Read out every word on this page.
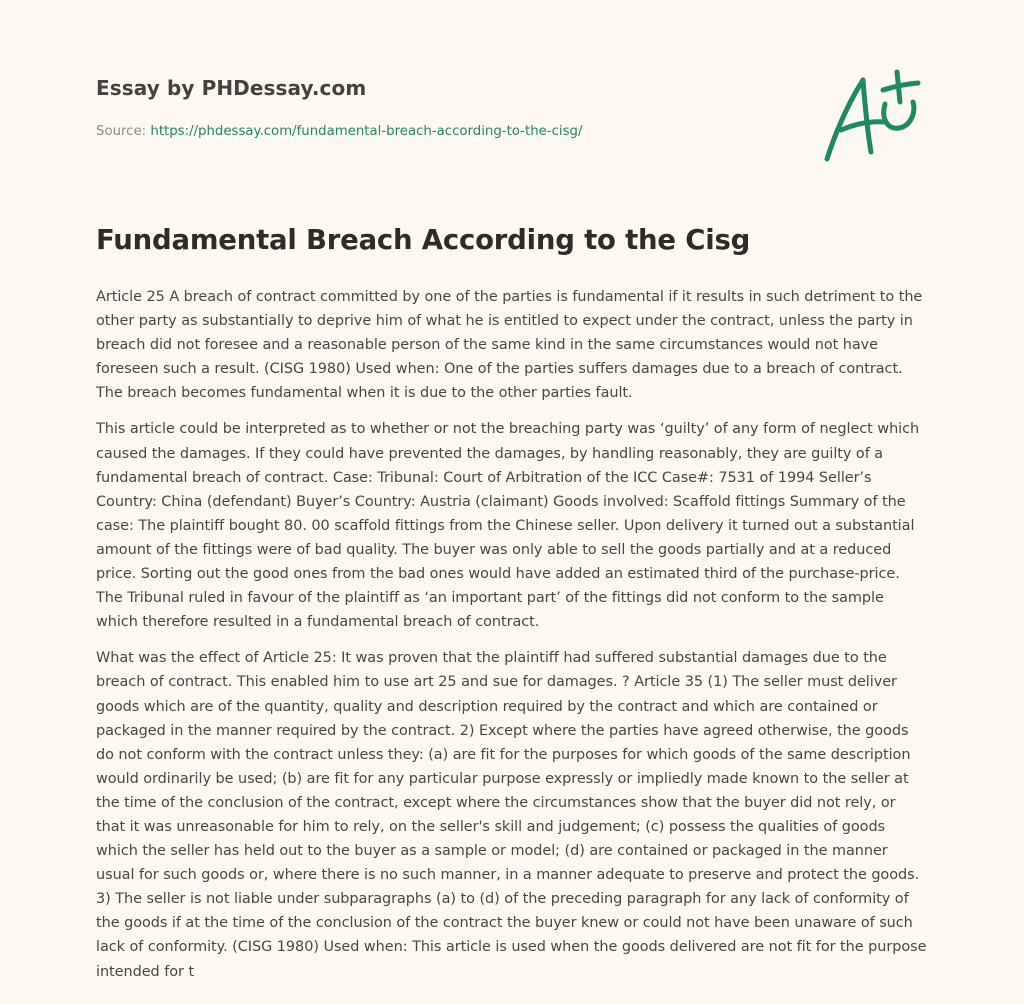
Essay by PHDessay.com
Source: https://phdessay.com/fundamental-breach-according-to-the-cisg/
Fundamental Breach According to the Cisg

Article 25 A breach of contract committed by one of the parties is fundamental if it results in such detriment to the other party as substantially to deprive him of what he is entitled to expect under the contract, unless the party in breach did not foresee and a reasonable person of the same kind in the same circumstances would not have foreseen such a result. (CISG 1980) Used when: One of the parties suffers damages due to a breach of contract. The breach becomes fundamental when it is due to the other parties fault.

This article could be interpreted as to whether or not the breaching party was ‘guilty’ of any form of neglect which caused the damages. If they could have prevented the damages, by handling reasonably, they are guilty of a fundamental breach of contract. Case: Tribunal: Court of Arbitration of the ICC Case#: 7531 of 1994 Seller’s Country: China (defendant) Buyer’s Country: Austria (claimant) Goods involved: Scaffold fittings Summary of the case: The plaintiff bought 80. 00 scaffold fittings from the Chinese seller. Upon delivery it turned out a substantial amount of the fittings were of bad quality. The buyer was only able to sell the goods partially and at a reduced price. Sorting out the good ones from the bad ones would have added an estimated third of the purchase-price. The Tribunal ruled in favour of the plaintiff as ‘an important part’ of the fittings did not conform to the sample which therefore resulted in a fundamental breach of contract.

What was the effect of Article 25: It was proven that the plaintiff had suffered substantial damages due to the breach of contract. This enabled him to use art 25 and sue for damages. ? Article 35 (1) The seller must deliver goods which are of the quantity, quality and description required by the contract and which are contained or packaged in the manner required by the contract. 2) Except where the parties have agreed otherwise, the goods do not conform with the contract unless they: (a) are fit for the purposes for which goods of the same description would ordinarily be used; (b) are fit for any particular purpose expressly or impliedly made known to the seller at the time of the conclusion of the contract, except where the circumstances show that the buyer did not rely, or that it was unreasonable for him to rely, on the seller's skill and judgement; (c) possess the qualities of goods which the seller has held out to the buyer as a sample or model; (d) are contained or packaged in the manner usual for such goods or, where there is no such manner, in a manner adequate to preserve and protect the goods. 3) The seller is not liable under subparagraphs (a) to (d) of the preceding paragraph for any lack of conformity of the goods if at the time of the conclusion of the contract the buyer knew or could not have been unaware of such lack of conformity. (CISG 1980) Used when: This article is used when the goods delivered are not fit for the purpose intended for t
